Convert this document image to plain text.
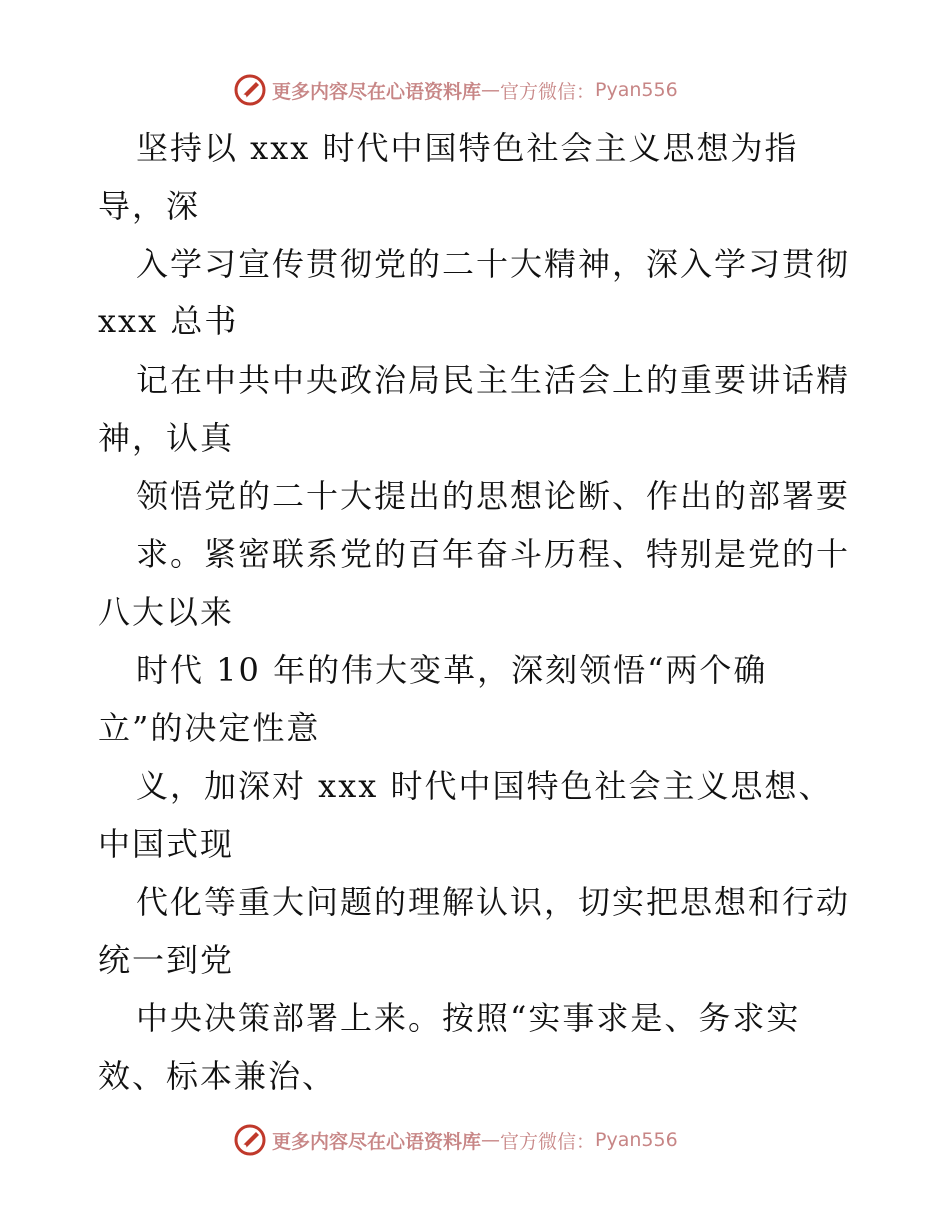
更多内容尽在心语资料库 — 官方微信： Pyan556
坚持以 xxx 时代中国特色社会主义思想为指
导，深
入学习宣传贯彻党的二十大精神，深入学习贯彻
xxx 总书
记在中共中央政治局民主生活会上的重要讲话精
神，认真
领悟党的二十大提出的思想论断、作出的部署要
求。紧密联系党的百年奋斗历程、特别是党的十
八大以来
时代 10 年的伟大变革，深刻领悟“两个确
立”的决定性意
义，加深对 xxx 时代中国特色社会主义思想、
中国式现
代化等重大问题的理解认识，切实把思想和行动
统一到党
中央决策部署上来。按照“实事求是、务求实
效、标本兼治、
更多内容尽在心语资料库 — 官方微信： Pyan556
